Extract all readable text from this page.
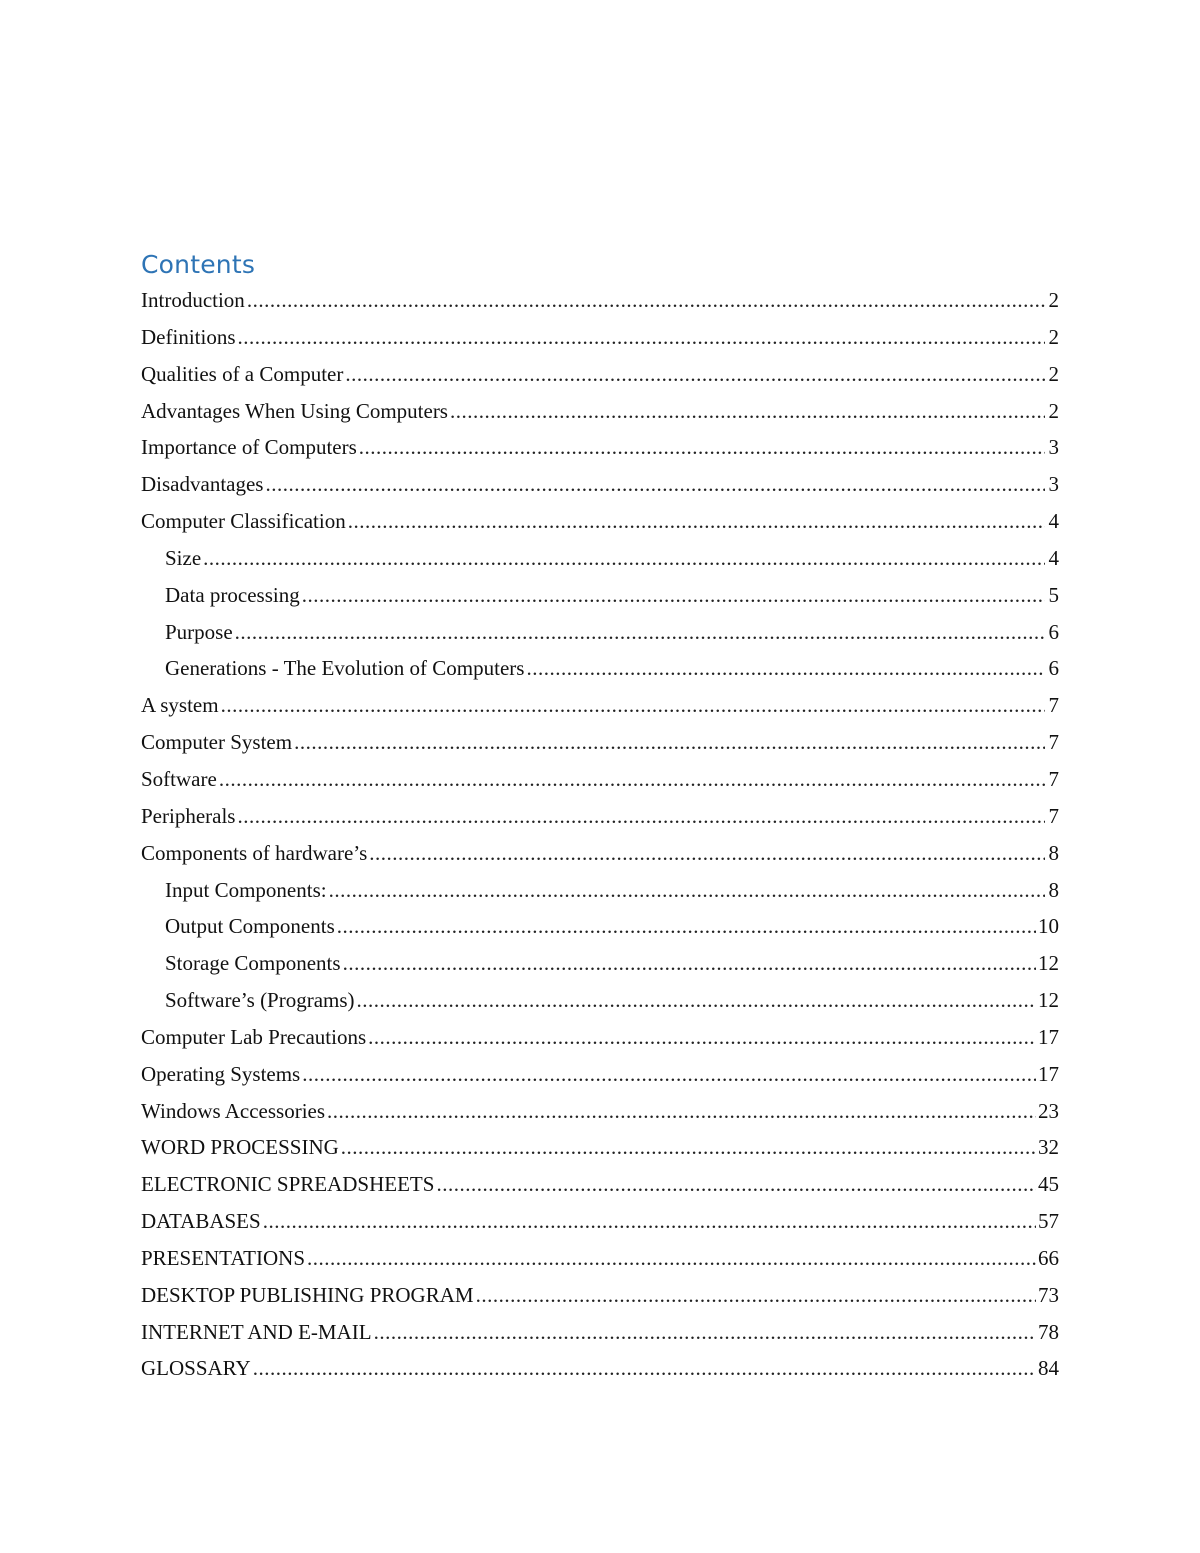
Contents
Introduction .....	2
Definitions .....	2
Qualities of a Computer .....	2
Advantages When Using Computers .....	2
Importance of Computers .....	3
Disadvantages .....	3
Computer Classification .....	4
Size .....	4
Data processing .....	5
Purpose .....	6
Generations - The Evolution of Computers .....	6
A system .....	7
Computer System .....	7
Software .....	7
Peripherals .....	7
Components of hardware’s .....	8
Input Components: .....	8
Output Components .....	10
Storage Components .....	12
Software’s (Programs) .....	12
Computer Lab Precautions .....	17
Operating Systems .....	17
Windows Accessories .....	23
WORD PROCESSING .....	32
ELECTRONIC SPREADSHEETS .....	45
DATABASES .....	57
PRESENTATIONS .....	66
DESKTOP PUBLISHING PROGRAM .....	73
INTERNET AND E-MAIL .....	78
GLOSSARY .....	84
